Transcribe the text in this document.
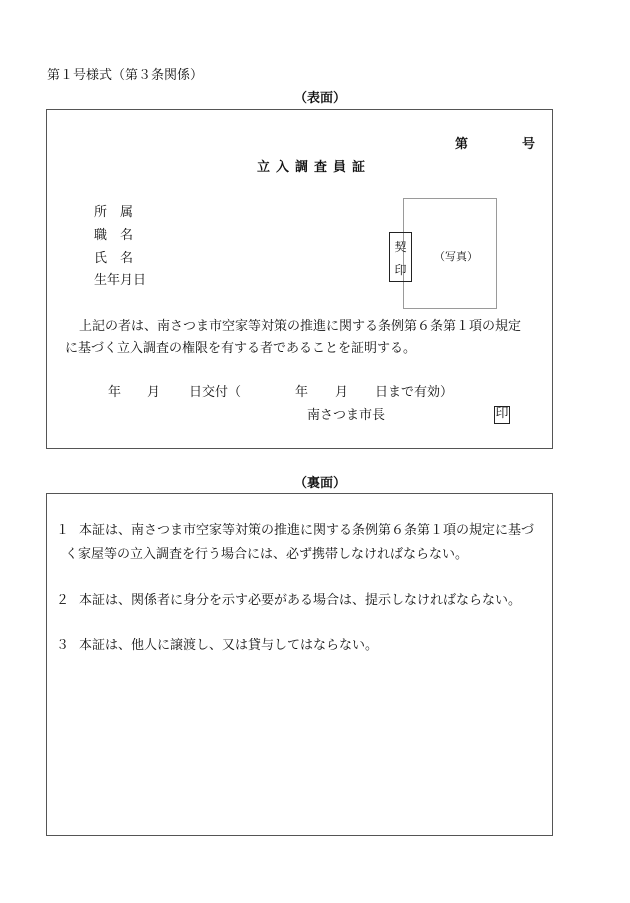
第１号様式（第３条関係）
（表面）
第	号
立入調査員証
所　属
職　名
氏　名
生年月日
（写真）
契
印
上記の者は、南さつま市空家等対策の推進に関する条例第６条第１項の規定
に基づく立入調査の権限を有する者であることを証明する。
年 月 日交付（	年 月 日まで有効）
南さつま市長	印
（裏面）
１ 本証は、南さつま市空家等対策の推進に関する条例第６条第１項の規定に基づ
く家屋等の立入調査を行う場合には、必ず携帯しなければならない。
２ 本証は、関係者に身分を示す必要がある場合は、提示しなければならない。
３ 本証は、他人に譲渡し、又は貸与してはならない。
